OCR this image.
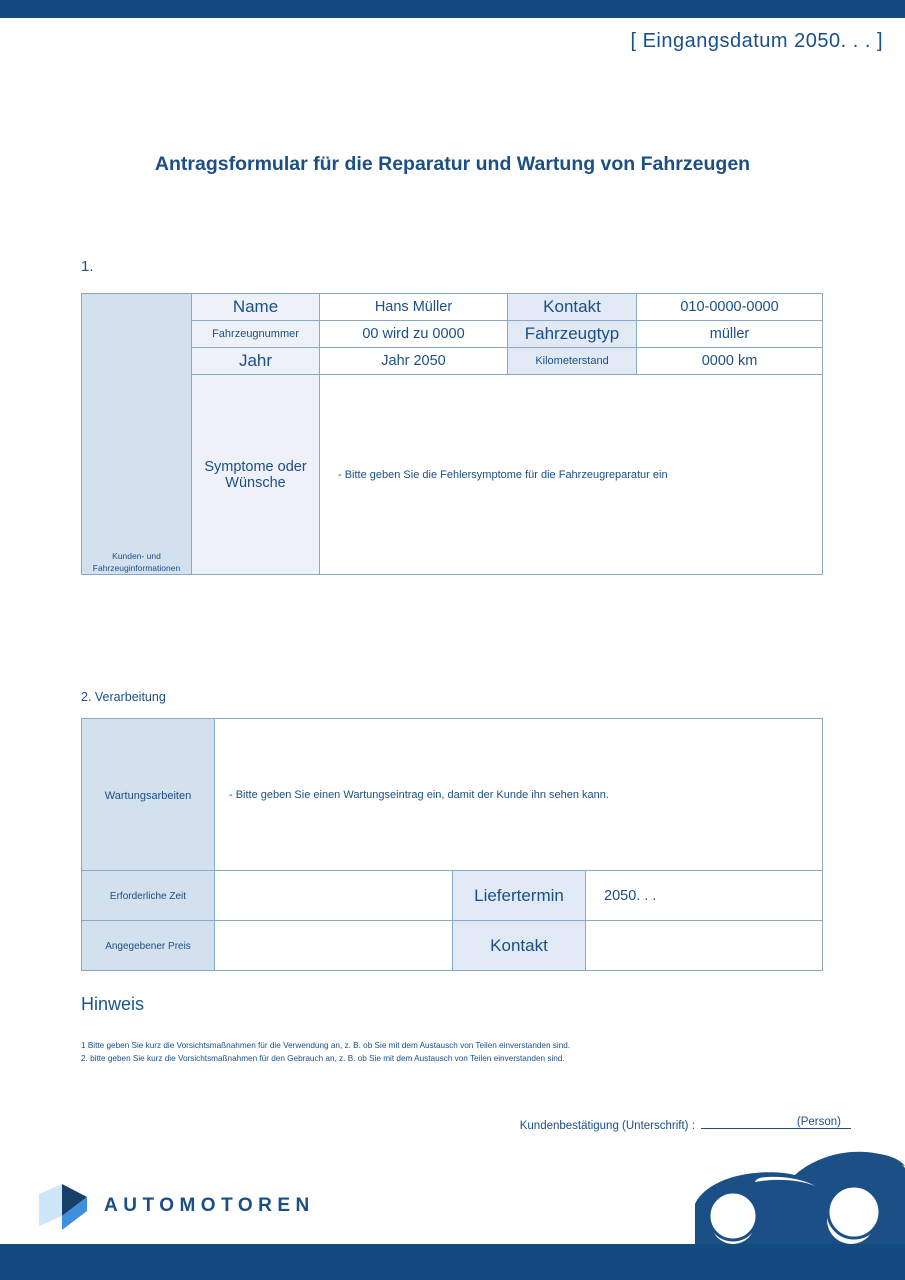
[ Eingangsdatum 2050. . . ]
Antragsformular für die Reparatur und Wartung von Fahrzeugen
1.
Kunden- und Fahrzeuginformationen	Name	Hans Müller	Kontakt	010-0000-0000
	Fahrzeugnummer	00 wird zu 0000	Fahrzeugtyp	müller
	Jahr	Jahr 2050	Kilometerstand	0000 km
	Symptome oder Wünsche	- Bitte geben Sie die Fehlersymptome für die Fahrzeugreparatur ein		
2. Verarbeitung
Wartungsarbeiten	- Bitte geben Sie einen Wartungseintrag ein, damit der Kunde ihn sehen kann.		
Erforderliche Zeit		Liefertermin	2050. . .
Angegebener Preis		Kontakt	
Hinweis
1 Bitte geben Sie kurz die Vorsichtsmaßnahmen für die Verwendung an, z. B. ob Sie mit dem Austausch von Teilen einverstanden sind.
2. bitte geben Sie kurz die Vorsichtsmaßnahmen für den Gebrauch an, z. B. ob Sie mit dem Austausch von Teilen einverstanden sind.
Kundenbestätigung (Unterschrift) :	(Person)
AUTOMOTOREN
